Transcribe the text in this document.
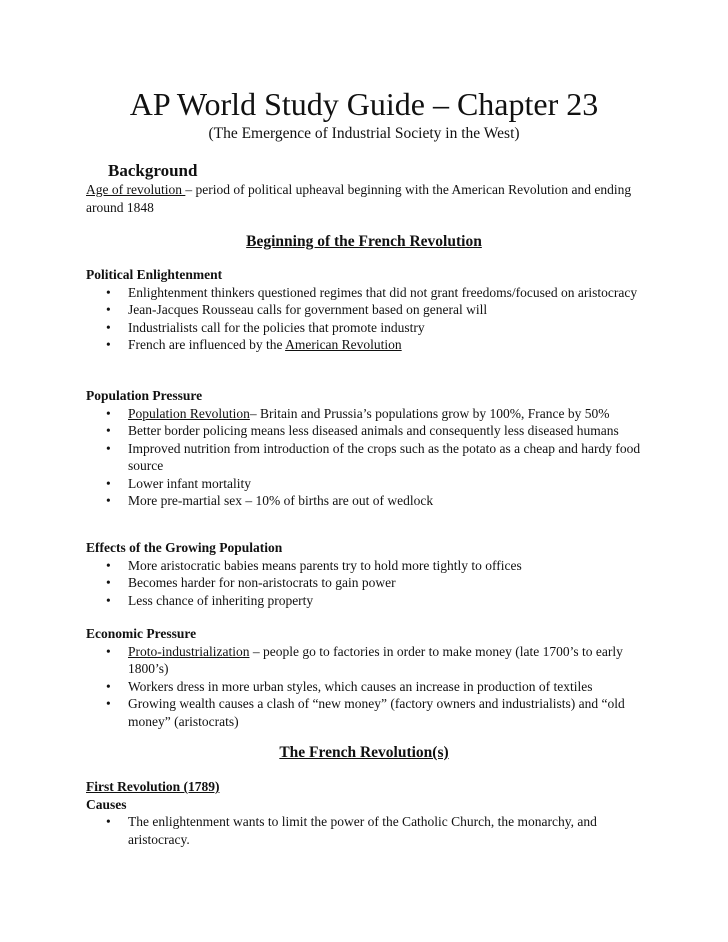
AP World Study Guide – Chapter 23
(The Emergence of Industrial Society in the West)
Background
Age of revolution – period of political upheaval beginning with the American Revolution and ending around 1848
Beginning of the French Revolution
Political Enlightenment
• Enlightenment thinkers questioned regimes that did not grant freedoms/focused on aristocracy
• Jean-Jacques Rousseau calls for government based on general will
• Industrialists call for the policies that promote industry
• French are influenced by the American Revolution
Population Pressure
• Population Revolution– Britain and Prussia’s populations grow by 100%, France by 50%
• Better border policing means less diseased animals and consequently less diseased humans
• Improved nutrition from introduction of the crops such as the potato as a cheap and hardy food source
• Lower infant mortality
• More pre-martial sex – 10% of births are out of wedlock
Effects of the Growing Population
• More aristocratic babies means parents try to hold more tightly to offices
• Becomes harder for non-aristocrats to gain power
• Less chance of inheriting property
Economic Pressure
• Proto-industrialization – people go to factories in order to make money (late 1700’s to early 1800’s)
• Workers dress in more urban styles, which causes an increase in production of textiles
• Growing wealth causes a clash of “new money” (factory owners and industrialists) and “old money” (aristocrats)
The French Revolution(s)
First Revolution (1789)
Causes
• The enlightenment wants to limit the power of the Catholic Church, the monarchy, and aristocracy.
